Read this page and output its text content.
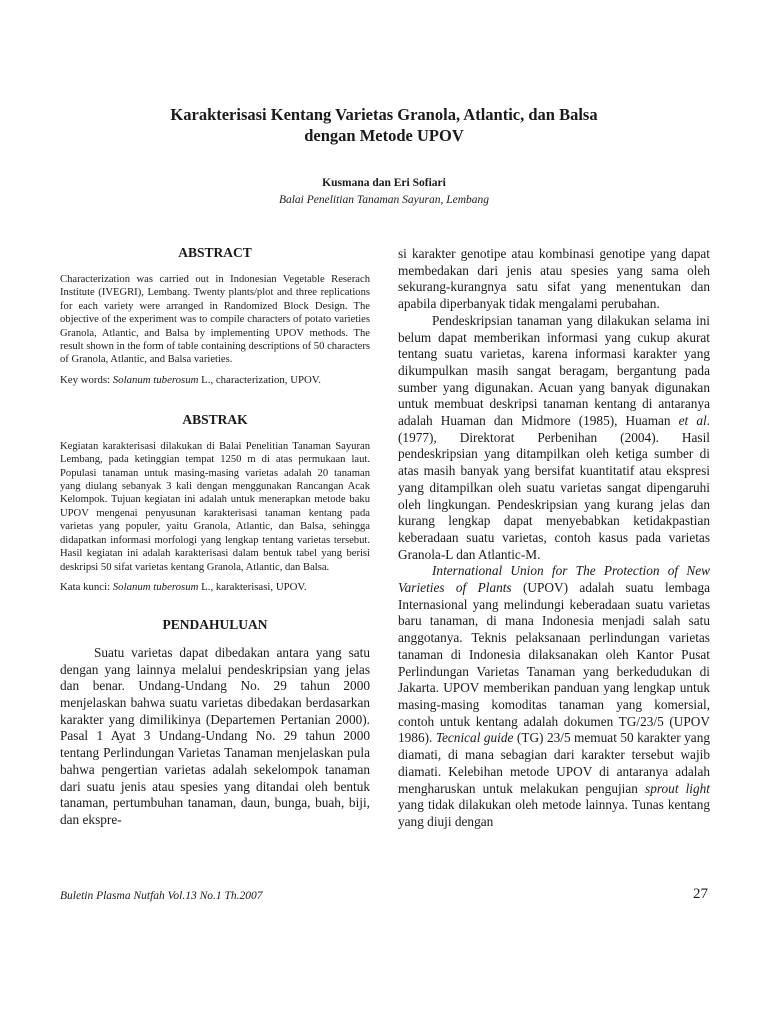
Karakterisasi Kentang Varietas Granola, Atlantic, dan Balsa
dengan Metode UPOV
Kusmana dan Eri Sofiari
Balai Penelitian Tanaman Sayuran, Lembang
ABSTRACT

Characterization was carried out in Indonesian Vegetable Reserach Institute (IVEGRI), Lembang. Twenty plants/plot and three replications for each variety were arranged in Randomized Block Design. The objective of the experiment was to compile characters of potato varieties Granola, Atlantic, and Balsa by implementing UPOV methods. The result shown in the form of table containing descriptions of 50 characters of Granola, Atlantic, and Balsa varieties.

Key words: Solanum tuberosum L., characterization, UPOV.

ABSTRAK

Kegiatan karakterisasi dilakukan di Balai Penelitian Tanaman Sayuran Lembang, pada ketinggian tempat 1250 m di atas permukaan laut. Populasi tanaman untuk masing-masing varietas adalah 20 tanaman yang diulang sebanyak 3 kali dengan menggunakan Rancangan Acak Kelompok. Tujuan kegiatan ini adalah untuk menerapkan metode baku UPOV mengenai penyusunan karakterisasi tanaman kentang pada varietas yang populer, yaitu Granola, Atlantic, dan Balsa, sehingga didapatkan informasi morfologi yang lengkap tentang varietas tersebut. Hasil kegiatan ini adalah karakterisasi dalam bentuk tabel yang berisi deskripsi 50 sifat varietas kentang Granola, Atlantic, dan Balsa.

Kata kunci: Solanum tuberosum L., karakterisasi, UPOV.

PENDAHULUAN

Suatu varietas dapat dibedakan antara yang satu dengan yang lainnya melalui pendeskripsian yang jelas dan benar. Undang-Undang No. 29 tahun 2000 menjelaskan bahwa suatu varietas dibedakan berdasarkan karakter yang dimilikinya (Departemen Pertanian 2000). Pasal 1 Ayat 3 Undang-Undang No. 29 tahun 2000 tentang Perlindungan Varietas Tanaman menjelaskan pula bahwa pengertian varietas adalah sekelompok tanaman dari suatu jenis atau spesies yang ditandai oleh bentuk tanaman, pertumbuhan tanaman, daun, bunga, buah, biji, dan ekspre-

si karakter genotipe atau kombinasi genotipe yang dapat membedakan dari jenis atau spesies yang sama oleh sekurang-kurangnya satu sifat yang menentukan dan apabila diperbanyak tidak mengalami perubahan.

Pendeskripsian tanaman yang dilakukan selama ini belum dapat memberikan informasi yang cukup akurat tentang suatu varietas, karena informasi karakter yang dikumpulkan masih sangat beragam, bergantung pada sumber yang digunakan. Acuan yang banyak digunakan untuk membuat deskripsi tanaman kentang di antaranya adalah Huaman dan Midmore (1985), Huaman et al. (1977), Direktorat Perbenihan (2004). Hasil pendeskripsian yang ditampilkan oleh ketiga sumber di atas masih banyak yang bersifat kuantitatif atau ekspresi yang ditampilkan oleh suatu varietas sangat dipengaruhi oleh lingkungan. Pendeskripsian yang kurang jelas dan kurang lengkap dapat menyebabkan ketidakpastian keberadaan suatu varietas, contoh kasus pada varietas Granola-L dan Atlantic-M.

International Union for The Protection of New Varieties of Plants (UPOV) adalah suatu lembaga Internasional yang melindungi keberadaan suatu varietas baru tanaman, di mana Indonesia menjadi salah satu anggotanya. Teknis pelaksanaan perlindungan varietas tanaman di Indonesia dilaksanakan oleh Kantor Pusat Perlindungan Varietas Tanaman yang berkedudukan di Jakarta. UPOV memberikan panduan yang lengkap untuk masing-masing komoditas tanaman yang komersial, contoh untuk kentang adalah dokumen TG/23/5 (UPOV 1986). Tecnical guide (TG) 23/5 memuat 50 karakter yang diamati, di mana sebagian dari karakter tersebut wajib diamati. Kelebihan metode UPOV di antaranya adalah mengharuskan untuk melakukan pengujian sprout light yang tidak dilakukan oleh metode lainnya. Tunas kentang yang diuji dengan

Buletin Plasma Nutfah Vol.13 No.1 Th.2007	27
